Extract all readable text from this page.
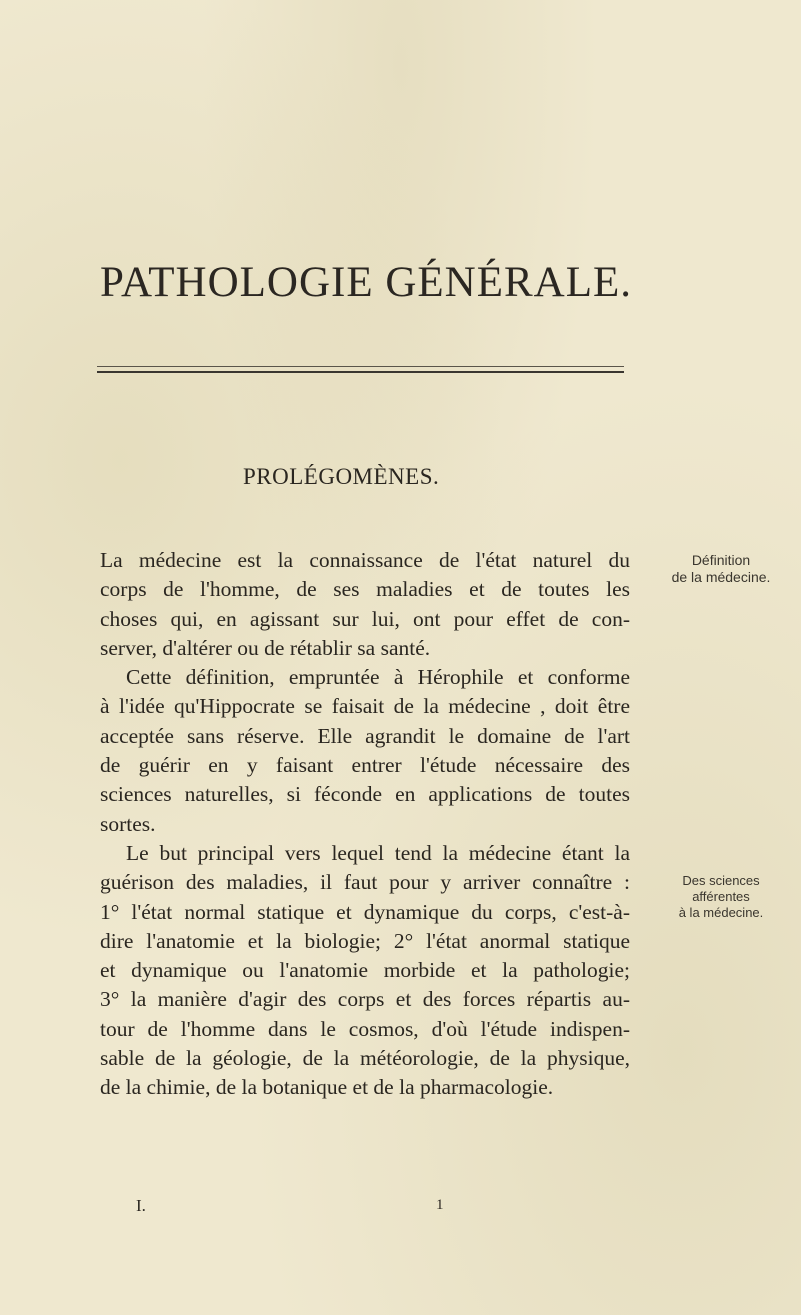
PATHOLOGIE GÉNÉRALE.
PROLÉGOMÈNES.
La médecine est la connaissance de l'état naturel du
corps de l'homme, de ses maladies et de toutes les
choses qui, en agissant sur lui, ont pour effet de con-
server, d'altérer ou de rétablir sa santé.
Cette définition, empruntée à Hérophile et conforme
à l'idée qu'Hippocrate se faisait de la médecine , doit être
acceptée sans réserve. Elle agrandit le domaine de l'art
de guérir en y faisant entrer l'étude nécessaire des
sciences naturelles, si féconde en applications de toutes
sortes.
Le but principal vers lequel tend la médecine étant la
guérison des maladies, il faut pour y arriver connaître :
1° l'état normal statique et dynamique du corps, c'est-à-
dire l'anatomie et la biologie; 2° l'état anormal statique
et dynamique ou l'anatomie morbide et la pathologie;
3° la manière d'agir des corps et des forces répartis au-
tour de l'homme dans le cosmos, d'où l'étude indispen-
sable de la géologie, de la météorologie, de la physique,
de la chimie, de la botanique et de la pharmacologie.
Définition
de la médecine.
Des sciences
afférentes
à la médecine.
I.	1
